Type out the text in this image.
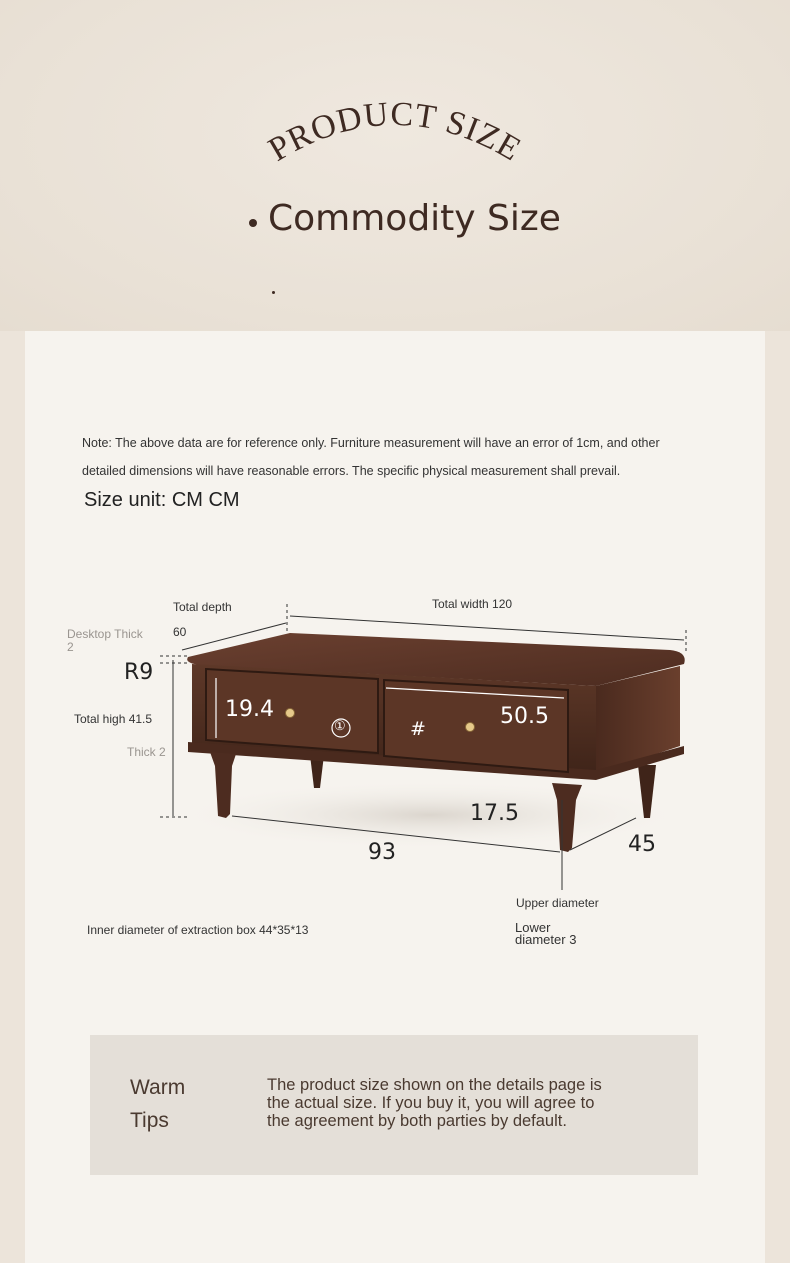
PRODUCT SIZE
Commodity Size
Note: The above data are for reference only. Furniture measurement will have an error of 1cm, and other
detailed dimensions will have reasonable errors. The specific physical measurement shall prevail.
Size unit: CM CM
Total depth
60
Total width 120
Desktop Thick
2
R9
Total high 41.5
Thick 2
19.4
①	#	50.5
17.5
93	45
Upper diameter
Lower
diameter 3
Inner diameter of extraction box 44*35*13
Warm
Tips
The product size shown on the details page is
the actual size. If you buy it, you will agree to
the agreement by both parties by default.
